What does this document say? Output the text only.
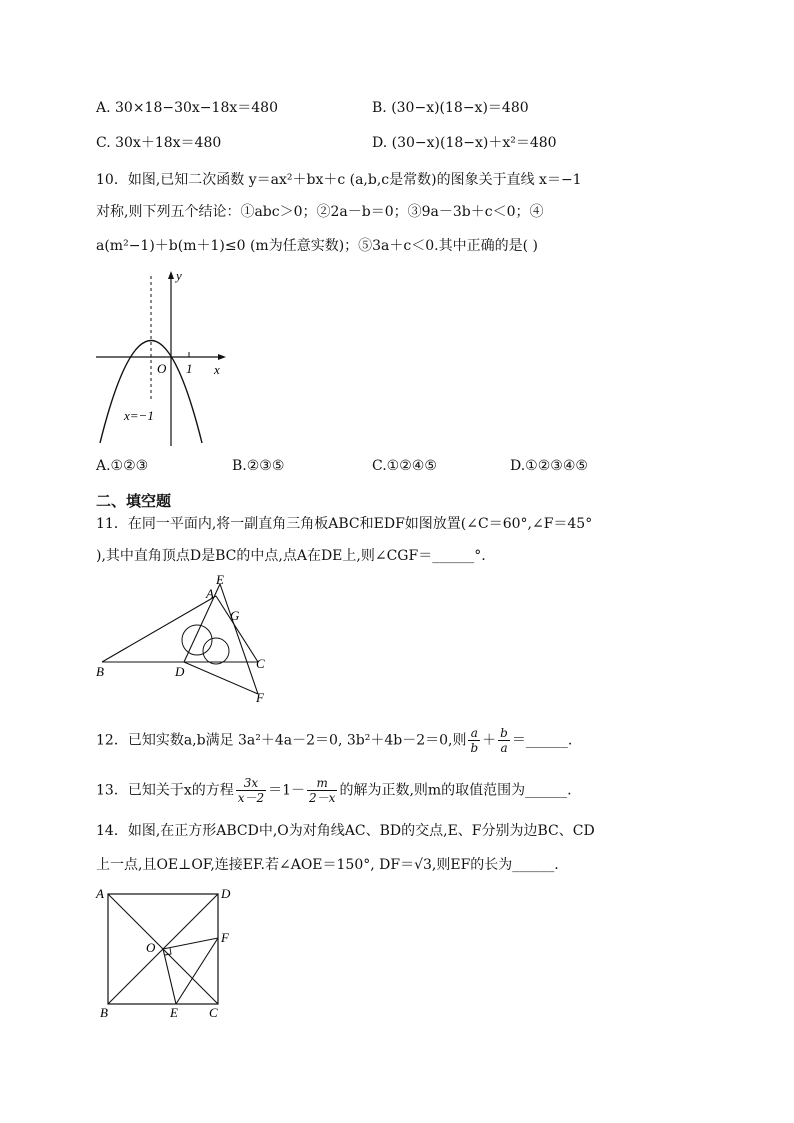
A. 30×18−30x−18x＝480	B. (30−x)(18−x)＝480
C. 30x＋18x＝480	D. (30−x)(18−x)＋x²＝480
10．如图,已知二次函数 y＝ax²＋bx＋c (a,b,c是常数)的图象关于直线 x＝−1
对称,则下列五个结论：①abc＞0；②2a－b＝0；③9a－3b＋c＜0；④
a(m²−1)＋b(m＋1)≤0 (m为任意实数)；⑤3a＋c＜0.其中正确的是( )
y
x
O 1
x=−1
A.①②③	B.②③⑤	C.①②④⑤	D.①②③④⑤
二、填空题
11．在同一平面内,将一副直角三角板ABC和EDF如图放置(∠C＝60°,∠F＝45°
),其中直角顶点D是BC的中点,点A在DE上,则∠CGF＝______°.
E
A
G
B	D
C
F
12．已知实数a,b满足 3a²＋4a－2＝0, 3b²＋4b－2＝0,则 $\frac{a}{b} + \frac{b}{a}$ ＝______.
13．已知关于x的方程 $\frac{3x}{x-2} =1- \frac{m}{2-x}$ 的解为正数,则m的取值范围为______.
14．如图,在正方形ABCD中,O为对角线AC、BD的交点,E、F分别为边BC、CD
上一点,且OE⊥OF,连接EF.若∠AOE＝150°, DF＝√3,则EF的长为______.
A	D
O
F
B	E C
